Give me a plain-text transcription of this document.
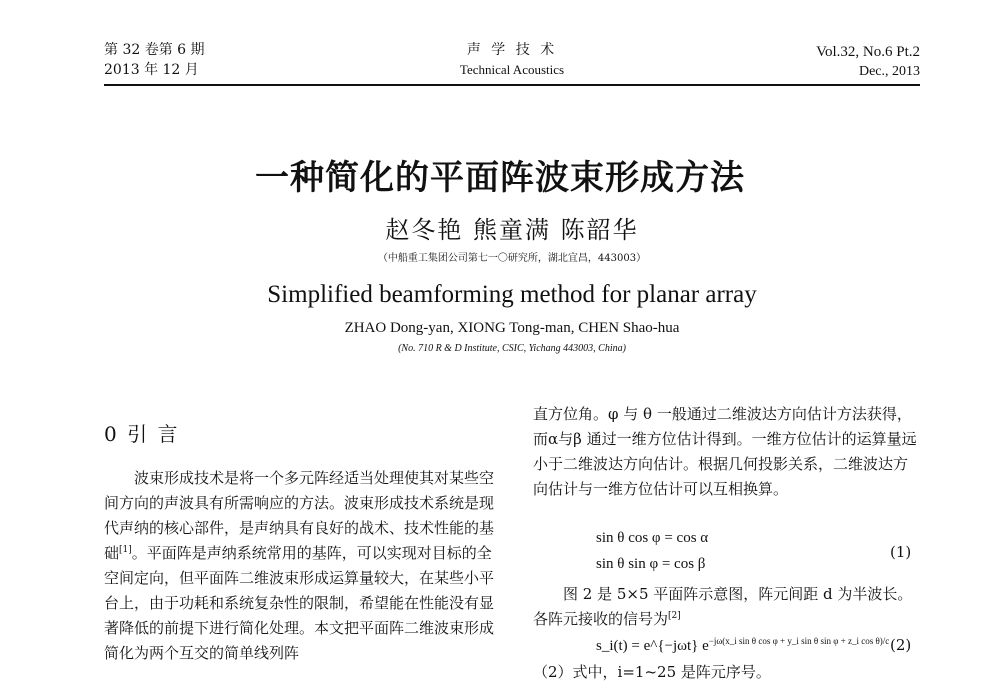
第 32 卷第 6 期
2013 年 12 月
声 学 技 术
Technical Acoustics
Vol.32, No.6 Pt.2
Dec., 2013
一种简化的平面阵波束形成方法
赵冬艳 熊童满 陈韶华
（中船重工集团公司第七一〇研究所，湖北宜昌，443003）
Simplified beamforming method for planar array
ZHAO Dong-yan, XIONG Tong-man, CHEN Shao-hua
(No. 710 R & D Institute, CSIC, Yichang 443003, China)
0 引 言

波束形成技术是将一个多元阵经适当处理使其对某些空间方向的声波具有所需响应的方法。波束形成技术系统是现代声纳的核心部件，是声纳具有良好的战术、技术性能的基础[1]。平面阵是声纳系统常用的基阵，可以实现对目标的全空间定向，但平面阵二维波束形成运算量较大，在某些小平台上，由于功耗和系统复杂性的限制，希望能在性能没有显著降低的前提下进行简化处理。本文把平面阵二维波束形成简化为两个互交的简单线列阵

直方位角。φ 与 θ 一般通过二维波达方向估计方法获得，而α与β 通过一维方位估计得到。一维方位估计的运算量远小于二维波达方向估计。根据几何投影关系，二维波达方向估计与一维方位估计可以互相换算。

sin θ cos φ = cos α
sin θ sin φ = cos β
(1)

图 2 是 5×5 平面阵示意图，阵元间距 d 为半波长。各阵元接收的信号为[2]

s_i(t) = e^{−jωt} $e^{-j\omega(x\_i sin \theta cos \varphi + y\_i sin \theta sin \varphi + z\_i cos \theta)/c}$ (2)

（2）式中，i=1~25 是阵元序号。
